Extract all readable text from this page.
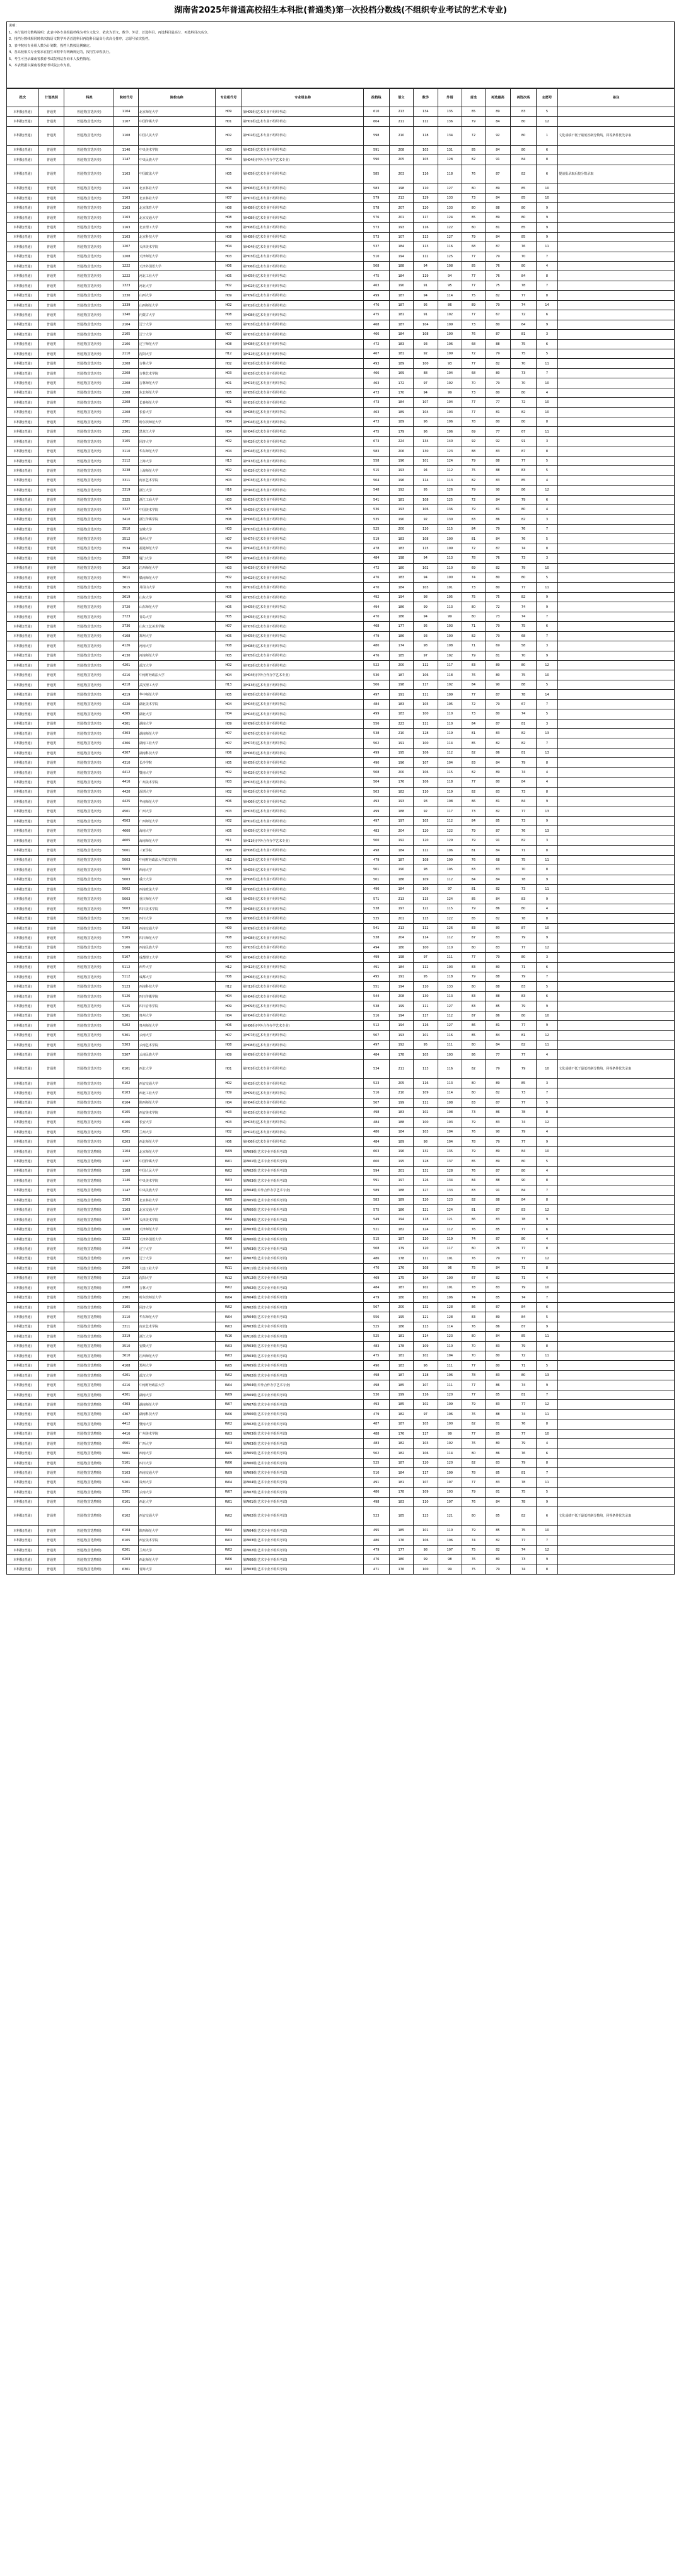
湖南省2025年普通高校招生本科批(普通类)第一次投档分数线(不组织专业考试的艺术专业)
说明：
1、本行投档分数线说明：此表中各专业组投档线为考生文化分、依次为语文、数学、外语、首选科目、再选科目最高分、再选科目次高分。
2、投档分数线相同时依次按语文数学外语首选科目再选科目最高分次高分排序，志愿号依次投档。
3、表中院校专业组人数为计划数，投档人数按比例确定。
4、各高校相关专业要求在招生章程中有明确规定的，按招生章程执行。
5、考生可登录湖南省教育考试院网站查询本人投档情况。
6、本表数据以湖南省教育考试院公布为准。
批次	计划类别	科类	院校代号	院校名称	专业组代号	专业组名称	投档线	语文	数学	外语	首选	再选最高	再选次高	志愿号	备注
本科批(普通)	普通类	普通类(首选历史)	1104	北京师范大学	H09	第H09组(艺术专业不组织考试)	610	213	134	135	85	89	83	5	
本科批(普通)	普通类	普通类(首选历史)	1107	中国传媒大学	H01	第H01组(艺术专业不组织考试)	604	211	112	136	79	84	80	12	
本科批(普通)	普通类	普通类(首选历史)	1108	中国人民大学	H02	第H02组(艺术专业不组织考试)	598	210	118	134	72	92	80	1	文化成绩不低于最低控制分数线，同等条件优先录取
本科批(普通)	普通类	普通类(首选历史)	1146	中央美术学院	H03	第H03组(艺术专业不组织考试)	591	208	103	131	85	84	80	6	
本科批(普通)	普通类	普通类(首选历史)	1147	中央民族大学	H04	第H04组(中外合作办学艺术专业)	590	205	105	128	82	91	84	8	
本科批(普通)	普通类	普通类(首选历史)	1163	中国政法大学	H05	第H05组(艺术专业不组织考试)	585	203	116	118	76	87	82	6	提前批录取后按分数录取
本科批(普通)	普通类	普通类(首选历史)	1163	北京林业大学	H06	第H06组(艺术专业不组织考试)	583	198	110	127	80	89	85	10	
本科批(普通)	普通类	普通类(首选历史)	1163	北京林业大学	H07	第H07组(艺术专业不组织考试)	579	213	129	133	73	84	85	10	
本科批(普通)	普通类	普通类(首选历史)	1163	北京体育大学	H08	第H08组(艺术专业不组织考试)	578	207	120	133	80	88	80	9	
本科批(普通)	普通类	普通类(首选历史)	1163	北京交通大学	H08	第H08组(艺术专业不组织考试)	576	201	117	124	85	89	80	9	
本科批(普通)	普通类	普通类(首选历史)	1163	北京理工大学	H08	第H08组(艺术专业不组织考试)	573	193	116	122	80	81	85	9	
本科批(普通)	普通类	普通类(首选历史)	1163	北京科技大学	H08	第H08组(艺术专业不组织考试)	573	107	113	127	79	84	85	9	
本科批(普通)	普通类	普通类(首选历史)	1207	天津美术学院	H04	第H04组(艺术专业不组织考试)	537	184	113	116	68	87	76	11	
本科批(普通)	普通类	普通类(首选历史)	1208	天津师范大学	H03	第H03组(艺术专业不组织考试)	510	194	112	125	77	79	70	7	
本科批(普通)	普通类	普通类(首选历史)	1222	天津外国语大学	H06	第H06组(艺术专业不组织考试)	508	188	94	108	85	76	80	4	
本科批(普通)	普通类	普通类(首选历史)	1222	河北工业大学	H05	第H05组(艺术专业不组织考试)	475	184	119	94	77	76	84	8	
本科批(普通)	普通类	普通类(首选历史)	1323	河北大学	H02	第H02组(艺术专业不组织考试)	463	190	91	95	77	75	78	7	
本科批(普通)	普通类	普通类(首选历史)	1330	山西大学	H09	第H09组(艺术专业不组织考试)	499	187	94	114	75	82	77	8	
本科批(普通)	普通类	普通类(首选历史)	1339	山西师范大学	H02	第H02组(艺术专业不组织考试)	476	187	95	86	89	79	74	14	
本科批(普通)	普通类	普通类(首选历史)	1340	内蒙古大学	H08	第H08组(艺术专业不组织考试)	475	181	91	102	77	67	72	6	
本科批(普通)	普通类	普通类(首选历史)	2104	辽宁大学	H03	第H03组(艺术专业不组织考试)	468	187	104	109	73	80	64	9	
本科批(普通)	普通类	普通类(首选历史)	2105	辽宁大学	H07	第H07组(艺术专业不组织考试)	466	184	108	100	76	87	81	3	
本科批(普通)	普通类	普通类(首选历史)	2106	辽宁师范大学	H08	第H08组(艺术专业不组织考试)	472	183	93	106	68	88	75	6	
本科批(普通)	普通类	普通类(首选历史)	2110	沈阳大学	H12	第H12组(艺术专业不组织考试)	467	181	92	109	72	79	75	5	
本科批(普通)	普通类	普通类(首选历史)	2208	吉林大学	H02	第H02组(艺术专业不组织考试)	493	189	100	93	77	82	70	11	
本科批(普通)	普通类	普通类(首选历史)	2208	吉林艺术学院	H03	第H03组(艺术专业不组织考试)	466	169	88	104	68	80	73	7	
本科批(普通)	普通类	普通类(首选历史)	2208	吉林师范大学	H01	第H01组(艺术专业不组织考试)	463	172	97	102	70	79	70	10	
本科批(普通)	普通类	普通类(首选历史)	2208	东北师范大学	H05	第H05组(艺术专业不组织考试)	473	170	94	99	73	80	80	4	
本科批(普通)	普通类	普通类(首选历史)	2208	长春师范大学	H01	第H01组(艺术专业不组织考试)	473	184	107	104	77	77	72	10	
本科批(普通)	普通类	普通类(首选历史)	2208	长春大学	H08	第H08组(艺术专业不组织考试)	463	189	104	103	77	81	82	10	
本科批(普通)	普通类	普通类(首选历史)	2301	哈尔滨师范大学	H04	第H04组(艺术专业不组织考试)	473	189	96	106	78	80	80	8	
本科批(普通)	普通类	普通类(首选历史)	2301	黑龙江大学	H04	第H04组(艺术专业不组织考试)	475	179	96	106	69	77	67	11	
本科批(普通)	普通类	普通类(首选历史)	3105	同济大学	H02	第H02组(艺术专业不组织考试)	673	224	134	140	92	92	91	3	
本科批(普通)	普通类	普通类(首选历史)	3110	华东师范大学	H04	第H04组(艺术专业不组织考试)	583	206	130	123	88	83	87	8	
本科批(普通)	普通类	普通类(首选历史)	3112	上海大学	H13	第H13组(艺术专业不组织考试)	558	196	101	124	79	88	77	5	
本科批(普通)	普通类	普通类(首选历史)	3238	上海师范大学	H02	第H02组(艺术专业不组织考试)	515	193	94	112	75	88	83	5	
本科批(普通)	普通类	普通类(首选历史)	3311	南京艺术学院	H03	第H03组(艺术专业不组织考试)	504	196	114	113	82	83	85	4	
本科批(普通)	普通类	普通类(首选历史)	3319	浙江大学	H16	第H16组(艺术专业不组织考试)	548	192	95	126	79	90	86	12	
本科批(普通)	普通类	普通类(首选历史)	3325	浙江工商大学	H03	第H03组(艺术专业不组织考试)	541	181	108	125	72	84	79	6	
本科批(普通)	普通类	普通类(首选历史)	3327	中国美术学院	H05	第H05组(艺术专业不组织考试)	536	193	106	136	79	81	80	4	
本科批(普通)	普通类	普通类(首选历史)	3410	浙江传媒学院	H06	第H06组(艺术专业不组织考试)	535	190	92	130	83	86	82	3	
本科批(普通)	普通类	普通类(首选历史)	3510	安徽大学	H03	第H03组(艺术专业不组织考试)	525	200	110	115	84	79	76	7	
本科批(普通)	普通类	普通类(首选历史)	3512	福州大学	H07	第H07组(艺术专业不组织考试)	519	183	108	100	81	84	76	5	
本科批(普通)	普通类	普通类(首选历史)	3534	福建师范大学	H04	第H04组(艺术专业不组织考试)	478	183	115	109	72	87	74	8	
本科批(普通)	普通类	普通类(首选历史)	3530	厦门大学	H04	第H04组(艺术专业不组织考试)	484	198	94	113	78	76	73	3	
本科批(普通)	普通类	普通类(首选历史)	3610	江西师范大学	H03	第H03组(艺术专业不组织考试)	472	180	102	110	69	82	79	10	
本科批(普通)	普通类	普通类(首选历史)	3611	赣南师范大学	H02	第H02组(艺术专业不组织考试)	476	183	94	100	74	80	80	5	
本科批(普通)	普通类	普通类(首选历史)	3615	井冈山大学	H01	第H01组(艺术专业不组织考试)	470	184	103	101	73	80	77	11	
本科批(普通)	普通类	普通类(首选历史)	3619	山东大学	H05	第H05组(艺术专业不组织考试)	492	194	98	105	75	75	82	9	
本科批(普通)	普通类	普通类(首选历史)	3720	山东师范大学	H05	第H05组(艺术专业不组织考试)	494	186	99	113	80	72	74	9	
本科批(普通)	普通类	普通类(首选历史)	3723	青岛大学	H05	第H05组(艺术专业不组织考试)	470	186	94	99	80	73	74	7	
本科批(普通)	普通类	普通类(首选历史)	3736	山东工艺美术学院	H07	第H07组(艺术专业不组织考试)	468	177	95	103	71	79	75	6	
本科批(普通)	普通类	普通类(首选历史)	4108	郑州大学	H05	第H05组(艺术专业不组织考试)	479	186	93	100	82	79	68	7	
本科批(普通)	普通类	普通类(首选历史)	4126	河南大学	H08	第H08组(艺术专业不组织考试)	480	174	98	108	71	69	58	3	
本科批(普通)	普通类	普通类(首选历史)	4130	河南师范大学	H05	第H05组(艺术专业不组织考试)	476	185	97	102	79	81	70	9	
本科批(普通)	普通类	普通类(首选历史)	4201	武汉大学	H02	第H02组(艺术专业不组织考试)	522	200	112	117	83	89	80	12	
本科批(普通)	普通类	普通类(首选历史)	4216	中南财经政法大学	H04	第H04组(中外合作办学艺术专业)	530	187	106	118	76	80	75	10	
本科批(普通)	普通类	普通类(首选历史)	4218	武汉理工大学	H13	第H13组(艺术专业不组织考试)	506	198	117	102	84	90	88	5	
本科批(普通)	普通类	普通类(首选历史)	4219	华中师范大学	H05	第H05组(艺术专业不组织考试)	497	191	111	109	77	87	78	14	
本科批(普通)	普通类	普通类(首选历史)	4220	湖北美术学院	H04	第H04组(艺术专业不组织考试)	484	183	105	105	72	79	67	7	
本科批(普通)	普通类	普通类(首选历史)	4265	湖北大学	H04	第H04组(艺术专业不组织考试)	499	183	100	110	73	80	74	5	
本科批(普通)	普通类	普通类(首选历史)	4301	湖南大学	H09	第H09组(艺术专业不组织考试)	556	223	111	110	84	87	81	3	
本科批(普通)	普通类	普通类(首选历史)	4303	湖南师范大学	H07	第H07组(艺术专业不组织考试)	538	210	128	119	81	83	82	13	
本科批(普通)	普通类	普通类(首选历史)	4306	湖南工业大学	H07	第H07组(艺术专业不组织考试)	502	191	100	114	85	82	82	7	
本科批(普通)	普通类	普通类(首选历史)	4307	湖南科技大学	H06	第H06组(艺术专业不组织考试)	499	195	106	112	82	86	81	13	
本科批(普通)	普通类	普通类(首选历史)	4310	长沙学院	H05	第H05组(艺术专业不组织考试)	490	196	107	104	83	84	79	8	
本科批(普通)	普通类	普通类(首选历史)	4412	暨南大学	H02	第H02组(艺术专业不组织考试)	508	200	106	115	82	89	74	4	
本科批(普通)	普通类	普通类(首选历史)	4416	广州美术学院	H03	第H03组(艺术专业不组织考试)	504	176	106	118	77	80	84	4	
本科批(普通)	普通类	普通类(首选历史)	4420	深圳大学	H02	第H02组(艺术专业不组织考试)	503	182	110	119	82	83	73	8	
本科批(普通)	普通类	普通类(首选历史)	4425	华南师范大学	H06	第H06组(艺术专业不组织考试)	493	193	93	108	86	81	84	9	
本科批(普通)	普通类	普通类(首选历史)	4501	广西大学	H03	第H03组(艺术专业不组织考试)	499	188	92	117	73	82	77	13	
本科批(普通)	普通类	普通类(首选历史)	4503	广西师范大学	H02	第H02组(艺术专业不组织考试)	497	197	105	112	84	85	73	9	
本科批(普通)	普通类	普通类(首选历史)	4600	海南大学	H05	第H05组(艺术专业不组织考试)	483	204	120	122	79	87	76	13	
本科批(普通)	普通类	普通类(首选历史)	4605	海南师范大学	H11	第H11组(中外合作办学艺术专业)	500	192	120	129	79	91	82	3	
本科批(普通)	普通类	普通类(首选历史)	5001	三亚学院	H08	第H08组(艺术专业不组织考试)	498	184	112	106	81	84	71	8	
本科批(普通)	普通类	普通类(首选历史)	5003	中南财经政法大学武汉学院	H12	第H12组(艺术专业不组织考试)	479	187	108	109	76	68	75	11	
本科批(普通)	普通类	普通类(首选历史)	5003	西南大学	H05	第H05组(艺术专业不组织考试)	501	190	98	105	83	83	70	8	
本科批(普通)	普通类	普通类(首选历史)	5003	重庆大学	H08	第H08组(艺术专业不组织考试)	501	186	109	112	84	84	78	9	
本科批(普通)	普通类	普通类(首选历史)	5002	西南政法大学	H08	第H08组(艺术专业不组织考试)	496	184	109	97	81	82	73	11	
本科批(普通)	普通类	普通类(首选历史)	5003	重庆师范大学	H05	第H05组(艺术专业不组织考试)	571	213	115	124	85	84	83	9	
本科批(普通)	普通类	普通类(首选历史)	5003	四川美术学院	H08	第H08组(艺术专业不组织考试)	538	197	122	115	79	86	80	4	
本科批(普通)	普通类	普通类(首选历史)	5101	四川大学	H06	第H06组(艺术专业不组织考试)	535	201	115	122	85	82	78	8	
本科批(普通)	普通类	普通类(首选历史)	5103	西南交通大学	H09	第H09组(艺术专业不组织考试)	541	213	112	126	83	80	87	10	
本科批(普通)	普通类	普通类(首选历史)	5105	四川师范大学	H08	第H08组(艺术专业不组织考试)	538	204	114	112	87	83	79	9	
本科批(普通)	普通类	普通类(首选历史)	5106	西南民族大学	H03	第H03组(艺术专业不组织考试)	494	180	100	110	80	83	77	12	
本科批(普通)	普通类	普通类(首选历史)	5107	成都理工大学	H04	第H04组(艺术专业不组织考试)	499	198	97	111	77	79	80	3	
本科批(普通)	普通类	普通类(首选历史)	5112	西华大学	H12	第H12组(艺术专业不组织考试)	491	184	112	103	83	80	71	6	
本科批(普通)	普通类	普通类(首选历史)	5112	成都大学	H06	第H06组(艺术专业不组织考试)	495	191	95	118	79	88	79	7	
本科批(普通)	普通类	普通类(首选历史)	5123	西南科技大学	H12	第H12组(艺术专业不组织考试)	551	194	110	133	80	88	83	5	
本科批(普通)	普通类	普通类(首选历史)	5126	四川传媒学院	H04	第H04组(艺术专业不组织考试)	544	208	130	113	83	88	83	6	
本科批(普通)	普通类	普通类(首选历史)	5125	四川音乐学院	H09	第H09组(艺术专业不组织考试)	538	199	111	127	83	85	79	9	
本科批(普通)	普通类	普通类(首选历史)	5201	贵州大学	H04	第H04组(艺术专业不组织考试)	516	194	117	112	87	86	80	10	
本科批(普通)	普通类	普通类(首选历史)	5202	贵州师范大学	H06	第H06组(中外合作办学艺术专业)	512	194	116	127	86	81	77	9	
本科批(普通)	普通类	普通类(首选历史)	5301	云南大学	H07	第H07组(艺术专业不组织考试)	507	193	101	116	85	84	81	12	
本科批(普通)	普通类	普通类(首选历史)	5303	云南艺术学院	H08	第H08组(艺术专业不组织考试)	497	192	95	111	80	84	82	11	
本科批(普通)	普通类	普通类(首选历史)	5307	云南民族大学	H09	第H09组(艺术专业不组织考试)	484	178	105	103	86	77	77	4	
本科批(普通)	普通类	普通类(首选历史)	6101	西北大学	H01	第H01组(艺术专业不组织考试)	534	211	113	116	82	79	79	10	文化成绩不低于最低控制分数线，同等条件优先录取
本科批(普通)	普通类	普通类(首选历史)	6102	西安交通大学	H02	第H02组(艺术专业不组织考试)	523	205	116	113	80	89	85	3	
本科批(普通)	普通类	普通类(首选历史)	6103	西北工业大学	H09	第H09组(艺术专业不组织考试)	516	210	109	114	80	82	73	7	
本科批(普通)	普通类	普通类(首选历史)	6104	陕西师范大学	H04	第H04组(艺术专业不组织考试)	507	199	111	108	83	87	77	5	
本科批(普通)	普通类	普通类(首选历史)	6105	西安美术学院	H03	第H03组(艺术专业不组织考试)	498	183	102	108	73	86	78	8	
本科批(普通)	普通类	普通类(首选历史)	6106	长安大学	H03	第H03组(艺术专业不组织考试)	484	188	100	103	79	83	74	12	
本科批(普通)	普通类	普通类(首选历史)	6201	兰州大学	H02	第H02组(艺术专业不组织考试)	486	184	103	104	76	90	79	4	
本科批(普通)	普通类	普通类(首选历史)	6203	西北师范大学	H06	第H06组(艺术专业不组织考试)	484	189	98	104	78	79	77	9	
本科批(普通)	普通类	普通类(首选物理)	1104	北京师范大学	W09	第W09组(艺术专业不组织考试)	603	196	132	135	79	89	84	10	
本科批(普通)	普通类	普通类(首选物理)	1107	中国传媒大学	W01	第W01组(艺术专业不组织考试)	600	195	128	137	85	89	80	5	
本科批(普通)	普通类	普通类(首选物理)	1108	中国人民大学	W02	第W02组(艺术专业不组织考试)	594	201	131	128	76	87	80	4	
本科批(普通)	普通类	普通类(首选物理)	1146	中央美术学院	W03	第W03组(艺术专业不组织考试)	591	197	126	134	84	88	90	8	
本科批(普通)	普通类	普通类(首选物理)	1147	中央民族大学	W04	第W04组(中外合作办学艺术专业)	589	188	127	133	83	91	84	7	
本科批(普通)	普通类	普通类(首选物理)	1163	北京林业大学	W05	第W05组(艺术专业不组织考试)	583	189	120	123	82	88	84	8	
本科批(普通)	普通类	普通类(首选物理)	1163	北京交通大学	W06	第W06组(艺术专业不组织考试)	575	186	121	124	81	87	83	12	
本科批(普通)	普通类	普通类(首选物理)	1207	天津美术学院	W04	第W04组(艺术专业不组织考试)	549	194	118	121	86	83	78	9	
本科批(普通)	普通类	普通类(首选物理)	1208	天津师范大学	W03	第W03组(艺术专业不组织考试)	521	182	124	112	76	85	77	6	
本科批(普通)	普通类	普通类(首选物理)	1222	天津外国语大学	W06	第W06组(艺术专业不组织考试)	515	187	110	119	74	87	80	4	
本科批(普通)	普通类	普通类(首选物理)	2104	辽宁大学	W03	第W03组(艺术专业不组织考试)	508	179	120	117	80	76	77	8	
本科批(普通)	普通类	普通类(首选物理)	2105	辽宁大学	W07	第W07组(艺术专业不组织考试)	486	178	111	101	76	79	77	12	
本科批(普通)	普通类	普通类(首选物理)	2106	大连工业大学	W11	第W11组(艺术专业不组织考试)	470	176	108	96	75	84	71	8	
本科批(普通)	普通类	普通类(首选物理)	2110	沈阳大学	W12	第W12组(艺术专业不组织考试)	469	175	104	100	67	82	71	4	
本科批(普通)	普通类	普通类(首选物理)	2208	吉林大学	W02	第W02组(艺术专业不组织考试)	484	187	102	101	78	83	79	10	
本科批(普通)	普通类	普通类(首选物理)	2301	哈尔滨师范大学	W04	第W04组(艺术专业不组织考试)	479	180	102	106	74	85	74	7	
本科批(普通)	普通类	普通类(首选物理)	3105	同济大学	W02	第W02组(艺术专业不组织考试)	567	200	132	128	86	87	84	6	
本科批(普通)	普通类	普通类(首选物理)	3110	华东师范大学	W04	第W04组(艺术专业不组织考试)	556	195	121	128	83	89	84	5	
本科批(普通)	普通类	普通类(首选物理)	3311	南京艺术学院	W03	第W03组(艺术专业不组织考试)	525	186	113	114	76	86	87	9	
本科批(普通)	普通类	普通类(首选物理)	3319	浙江大学	W16	第W16组(艺术专业不组织考试)	525	181	114	123	80	84	85	11	
本科批(普通)	普通类	普通类(首选物理)	3510	安徽大学	W03	第W03组(艺术专业不组织考试)	483	178	109	110	70	83	79	8	
本科批(普通)	普通类	普通类(首选物理)	3610	江西师范大学	W03	第W03组(艺术专业不组织考试)	475	181	102	104	70	80	72	11	
本科批(普通)	普通类	普通类(首选物理)	4108	郑州大学	W05	第W05组(艺术专业不组织考试)	490	183	96	111	77	80	71	5	
本科批(普通)	普通类	普通类(首选物理)	4201	武汉大学	W02	第W02组(艺术专业不组织考试)	498	187	118	106	78	83	80	13	
本科批(普通)	普通类	普通类(首选物理)	4216	中南财经政法大学	W04	第W04组(中外合作办学艺术专业)	498	185	107	111	77	86	74	9	
本科批(普通)	普通类	普通类(首选物理)	4301	湖南大学	W09	第W09组(艺术专业不组织考试)	530	199	116	120	77	85	81	7	
本科批(普通)	普通类	普通类(首选物理)	4303	湖南师范大学	W07	第W07组(艺术专业不组织考试)	493	185	102	109	79	83	77	12	
本科批(普通)	普通类	普通类(首选物理)	4307	湖南科技大学	W06	第W06组(艺术专业不组织考试)	479	182	97	106	76	88	74	11	
本科批(普通)	普通类	普通类(首选物理)	4412	暨南大学	W02	第W02组(艺术专业不组织考试)	487	187	105	100	82	81	76	8	
本科批(普通)	普通类	普通类(首选物理)	4416	广州美术学院	W03	第W03组(艺术专业不组织考试)	488	176	117	99	77	85	77	10	
本科批(普通)	普通类	普通类(首选物理)	4501	广西大学	W03	第W03组(艺术专业不组织考试)	483	182	103	102	76	80	79	4	
本科批(普通)	普通类	普通类(首选物理)	5001	西南大学	W05	第W05组(艺术专业不组织考试)	502	182	106	114	80	86	76	6	
本科批(普通)	普通类	普通类(首选物理)	5101	四川大学	W06	第W06组(艺术专业不组织考试)	525	187	120	120	82	83	79	8	
本科批(普通)	普通类	普通类(首选物理)	5103	西南交通大学	W09	第W09组(艺术专业不组织考试)	510	184	117	109	78	85	81	7	
本科批(普通)	普通类	普通类(首选物理)	5201	贵州大学	W04	第W04组(艺术专业不组织考试)	491	181	107	107	77	83	78	11	
本科批(普通)	普通类	普通类(首选物理)	5301	云南大学	W07	第W07组(艺术专业不组织考试)	486	178	109	103	79	81	75	5	
本科批(普通)	普通类	普通类(首选物理)	6101	西北大学	W01	第W01组(艺术专业不组织考试)	498	183	110	107	76	84	78	9	
本科批(普通)	普通类	普通类(首选物理)	6102	西安交通大学	W02	第W02组(艺术专业不组织考试)	523	185	123	121	80	85	82	6	文化成绩不低于最低控制分数线，同等条件优先录取
本科批(普通)	普通类	普通类(首选物理)	6104	陕西师范大学	W04	第W04组(艺术专业不组织考试)	495	185	101	110	79	85	75	10	
本科批(普通)	普通类	普通类(首选物理)	6105	西安美术学院	W03	第W03组(艺术专业不组织考试)	486	176	106	106	74	82	77	7	
本科批(普通)	普通类	普通类(首选物理)	6201	兰州大学	W02	第W02组(艺术专业不组织考试)	479	177	98	107	75	82	74	12	
本科批(普通)	普通类	普通类(首选物理)	6203	西北师范大学	W06	第W06组(艺术专业不组织考试)	476	180	99	98	76	80	73	9	
本科批(普通)	普通类	普通类(首选物理)	6301	青海大学	W03	第W03组(艺术专业不组织考试)	471	176	100	99	75	79	74	8	
